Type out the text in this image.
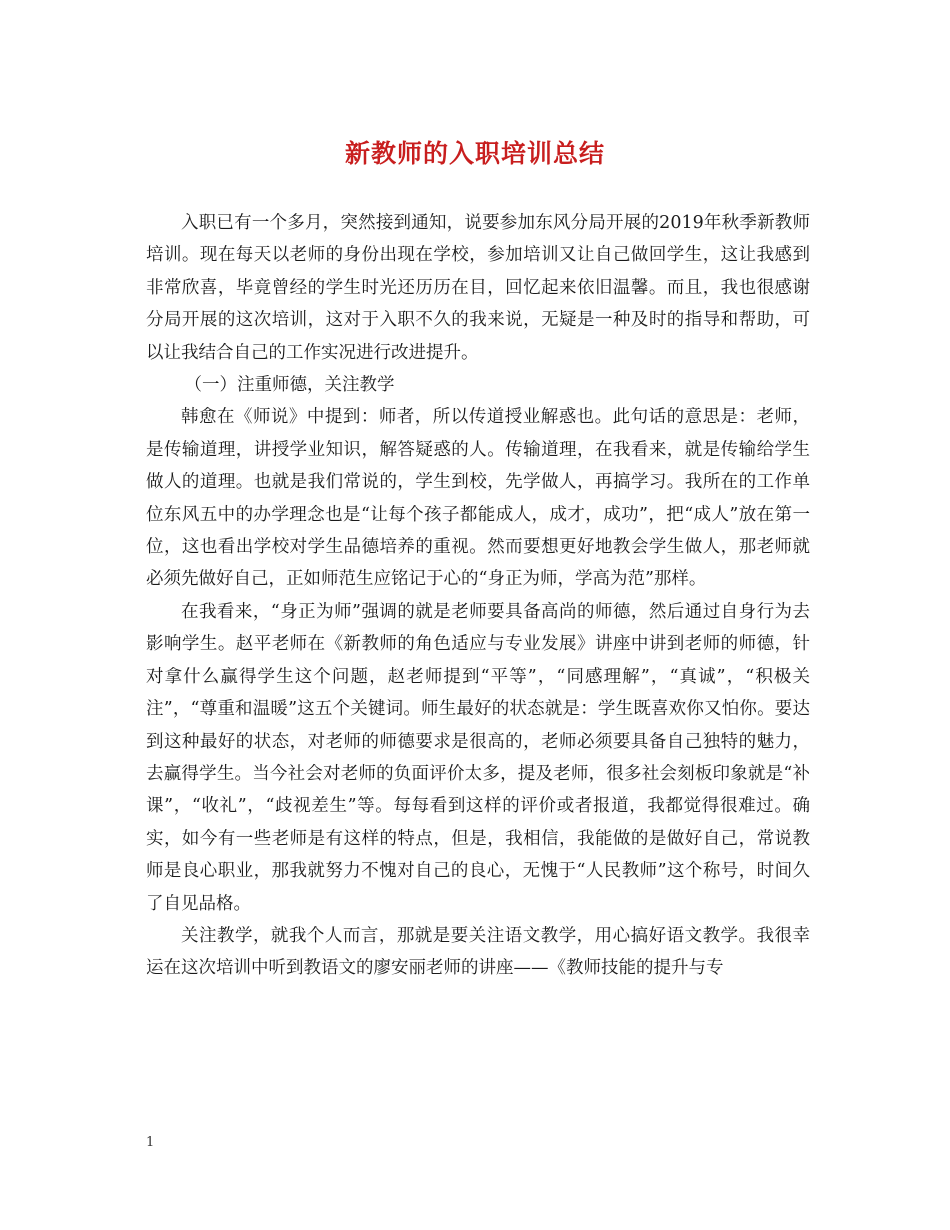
新教师的入职培训总结

入职已有一个多月，突然接到通知，说要参加东风分局开展的2019年秋季新教师培训。现在每天以老师的身份出现在学校，参加培训又让自己做回学生，这让我感到非常欣喜，毕竟曾经的学生时光还历历在目，回忆起来依旧温馨。而且，我也很感谢分局开展的这次培训，这对于入职不久的我来说，无疑是一种及时的指导和帮助，可以让我结合自己的工作实况进行改进提升。

（一）注重师德，关注教学

韩愈在《师说》中提到：师者，所以传道授业解惑也。此句话的意思是：老师，是传输道理，讲授学业知识，解答疑惑的人。传输道理，在我看来，就是传输给学生做人的道理。也就是我们常说的，学生到校，先学做人，再搞学习。我所在的工作单位东风五中的办学理念也是“让每个孩子都能成人，成才，成功”，把“成人”放在第一位，这也看出学校对学生品德培养的重视。然而要想更好地教会学生做人，那老师就必须先做好自己，正如师范生应铭记于心的“身正为师，学高为范”那样。

在我看来，“身正为师”强调的就是老师要具备高尚的师德，然后通过自身行为去影响学生。赵平老师在《新教师的角色适应与专业发展》讲座中讲到老师的师德，针对拿什么赢得学生这个问题，赵老师提到“平等”，“同感理解”，“真诚”，“积极关注”，“尊重和温暖”这五个关键词。师生最好的状态就是：学生既喜欢你又怕你。要达到这种最好的状态，对老师的师德要求是很高的，老师必须要具备自己独特的魅力，去赢得学生。当今社会对老师的负面评价太多，提及老师，很多社会刻板印象就是“补课”，“收礼”，“歧视差生”等。每每看到这样的评价或者报道，我都觉得很难过。确实，如今有一些老师是有这样的特点，但是，我相信，我能做的是做好自己，常说教师是良心职业，那我就努力不愧对自己的良心，无愧于“人民教师”这个称号，时间久了自见品格。

关注教学，就我个人而言，那就是要关注语文教学，用心搞好语文教学。我很幸运在这次培训中听到教语文的廖安丽老师的讲座——《教师技能的提升与专

1
